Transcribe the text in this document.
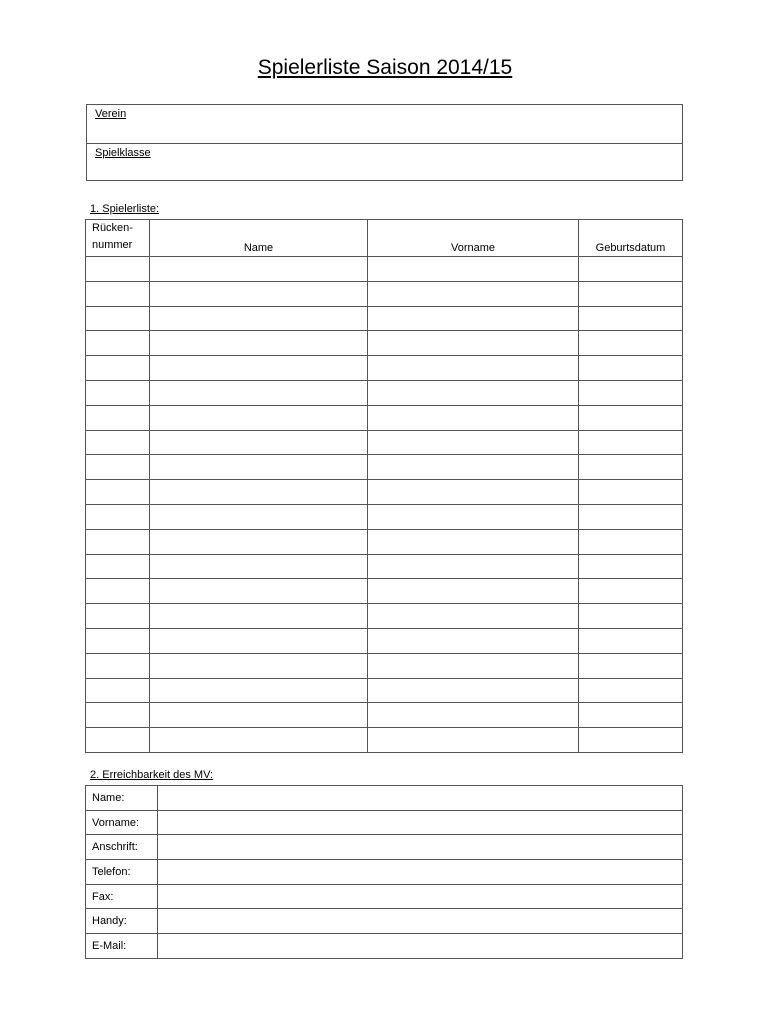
Spielerliste Saison 2014/15
Verein
Spielklasse
1. Spielerliste:
Rücken-
nummer	Name	Vorname	Geburtsdatum

2. Erreichbarkeit des MV:
Name:	
Vorname:	
Anschrift:	
Telefon:	
Fax:	
Handy:	
E-Mail:	
